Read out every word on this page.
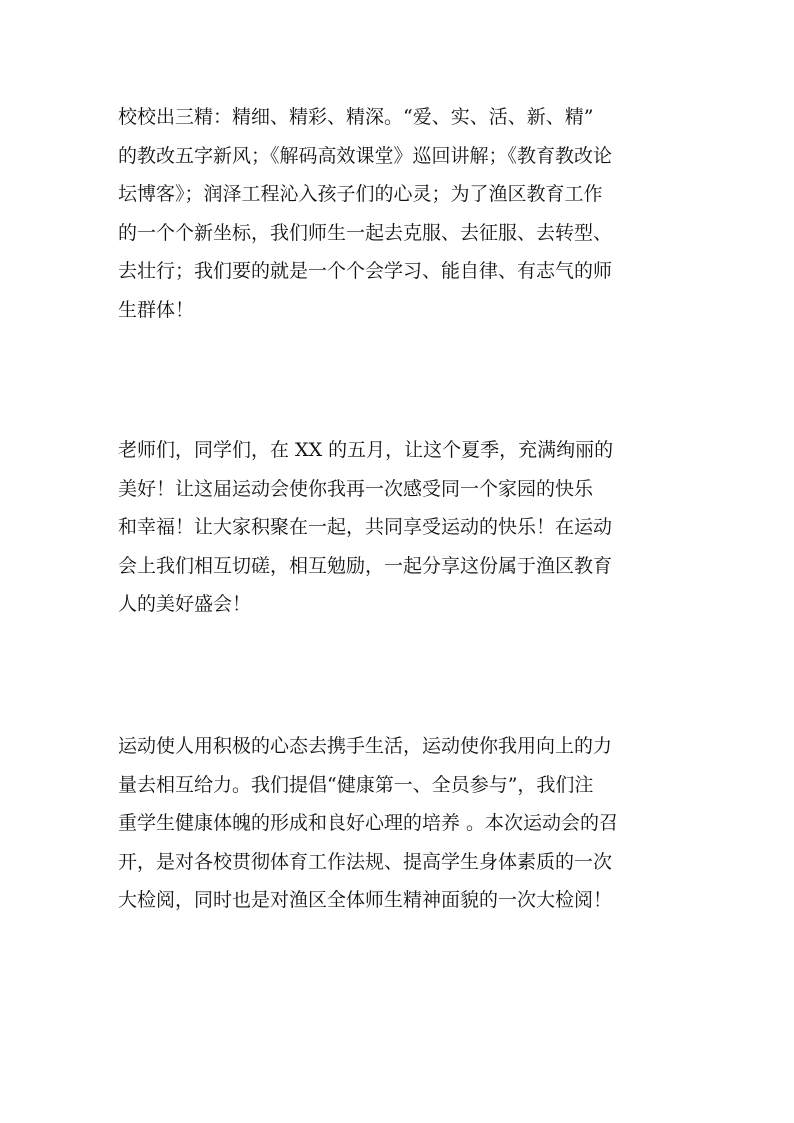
校校出三精：精细、精彩、精深。“爱、实、活、新、精”
的教改五字新风；《解码高效课堂》巡回讲解；《教育教改论
坛博客》；润泽工程沁入孩子们的心灵；为了渔区教育工作
的一个个新坐标，我们师生一起去克服、去征服、去转型、
去壮行；我们要的就是一个个会学习、能自律、有志气的师
生群体！
老师们，同学们，在 XX 的五月，让这个夏季，充满绚丽的
美好！让这届运动会使你我再一次感受同一个家园的快乐
和幸福！让大家积聚在一起，共同享受运动的快乐！在运动
会上我们相互切磋，相互勉励，一起分享这份属于渔区教育
人的美好盛会！
运动使人用积极的心态去携手生活，运动使你我用向上的力
量去相互给力。我们提倡“健康第一、全员参与”，我们注
重学生健康体魄的形成和良好心理的培养 。本次运动会的召
开，是对各校贯彻体育工作法规、提高学生身体素质的一次
大检阅，同时也是对渔区全体师生精神面貌的一次大检阅！
